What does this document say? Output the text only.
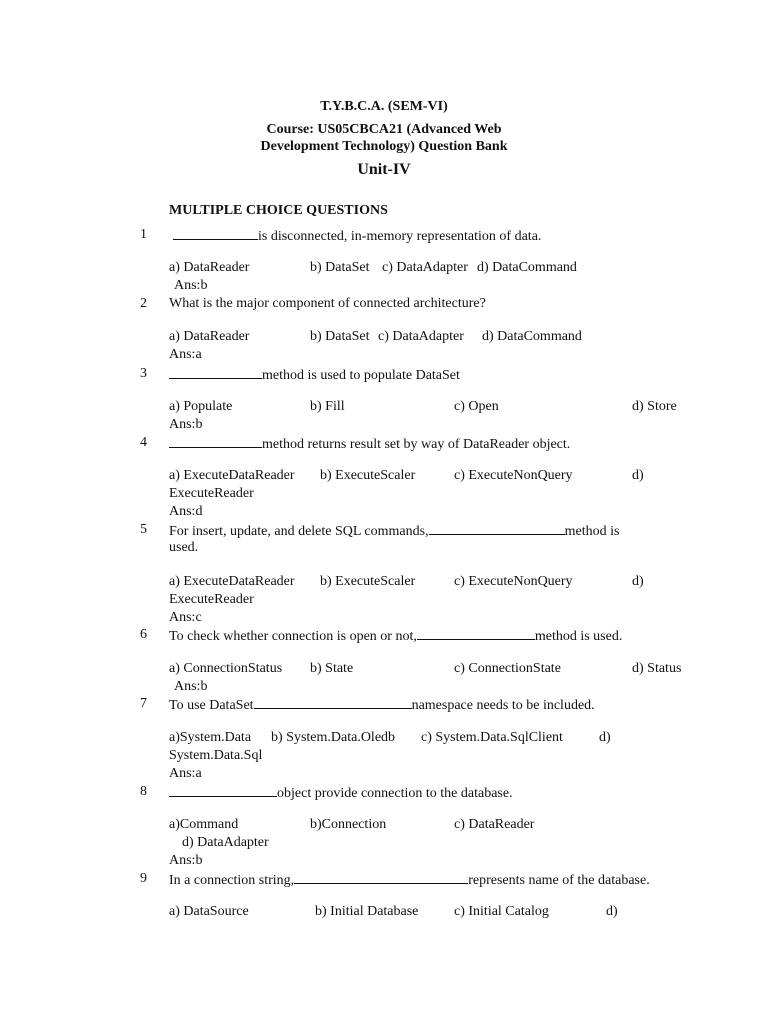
T.Y.B.C.A. (SEM-VI)
Course: US05CBCA21 (Advanced Web
Development Technology) Question Bank
Unit-IV
MULTIPLE CHOICE QUESTIONS
1	is disconnected, in-memory representation of data.
a) DataReader	b) DataSet c) DataAdapter d) DataCommand
Ans:b
2 What is the major component of connected architecture?
a) DataReader	b) DataSet c) DataAdapter d) DataCommand
Ans:a
3	method is used to populate DataSet
a) Populate	b) Fill	c) Open	d) Store
Ans:b
4	method returns result set by way of DataReader object.
a) ExecuteDataReader b) ExecuteScaler	c) ExecuteNonQuery	d)
ExecuteReader
Ans:d
5 For insert, update, and delete SQL commands,	method is
used.
a) ExecuteDataReader b) ExecuteScaler	c) ExecuteNonQuery	d)
ExecuteReader
Ans:c
6 To check whether connection is open or not,	method is used.
a) ConnectionStatus b) State	c) ConnectionState	d) Status
Ans:b
7 To use DataSet	namespace needs to be included.
a)System.Data b) System.Data.Oledb c) System.Data.SqlClient	d)
System.Data.Sql
Ans:a
8	object provide connection to the database.
a)Command	b)Connection	c) DataReader
d) DataAdapter
Ans:b
9 In a connection string,	represents name of the database.
a) DataSource	b) Initial Database	c) Initial Catalog	d)
